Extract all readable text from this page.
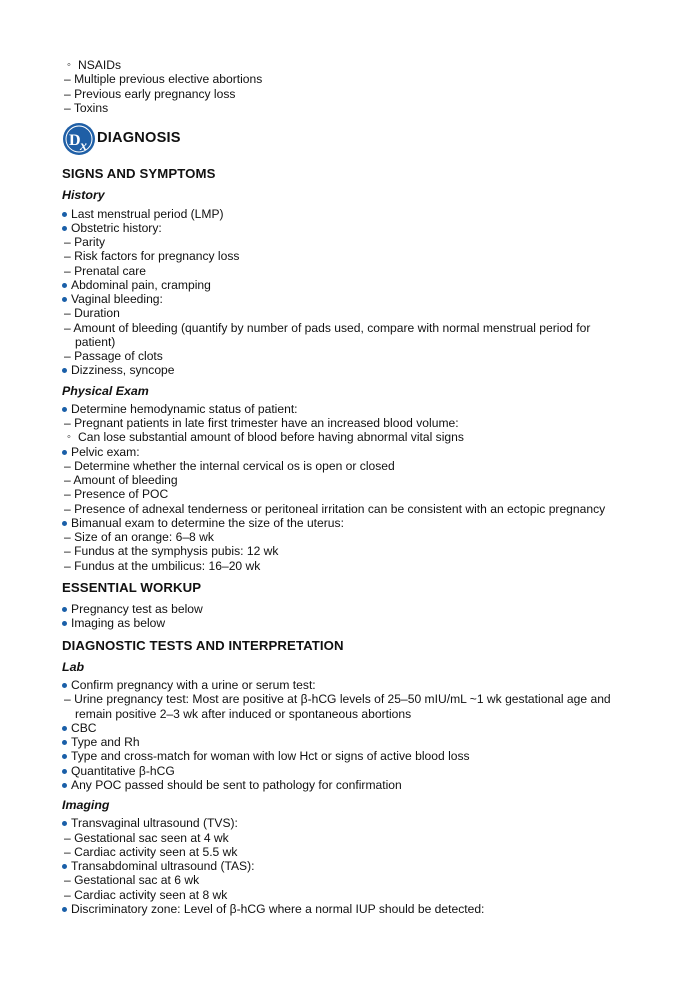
◦ NSAIDs
– Multiple previous elective abortions
– Previous early pregnancy loss
– Toxins
D x
DIAGNOSIS
SIGNS AND SYMPTOMS
History
Last menstrual period (LMP)
Obstetric history:
– Parity
– Risk factors for pregnancy loss
– Prenatal care
Abdominal pain, cramping
Vaginal bleeding:
– Duration
– Amount of bleeding (quantify by number of pads used, compare with normal menstrual period for
patient)
– Passage of clots
Dizziness, syncope
Physical Exam
Determine hemodynamic status of patient:
– Pregnant patients in late first trimester have an increased blood volume:
◦ Can lose substantial amount of blood before having abnormal vital signs
Pelvic exam:
– Determine whether the internal cervical os is open or closed
– Amount of bleeding
– Presence of POC
– Presence of adnexal tenderness or peritoneal irritation can be consistent with an ectopic pregnancy
Bimanual exam to determine the size of the uterus:
– Size of an orange: 6–8 wk
– Fundus at the symphysis pubis: 12 wk
– Fundus at the umbilicus: 16–20 wk
ESSENTIAL WORKUP
Pregnancy test as below
Imaging as below
DIAGNOSTIC TESTS AND INTERPRETATION
Lab
Confirm pregnancy with a urine or serum test:
– Urine pregnancy test: Most are positive at β-hCG levels of 25–50 mIU/mL ~1 wk gestational age and
remain positive 2–3 wk after induced or spontaneous abortions
CBC
Type and Rh
Type and cross-match for woman with low Hct or signs of active blood loss
Quantitative β-hCG
Any POC passed should be sent to pathology for confirmation
Imaging
Transvaginal ultrasound (TVS):
– Gestational sac seen at 4 wk
– Cardiac activity seen at 5.5 wk
Transabdominal ultrasound (TAS):
– Gestational sac at 6 wk
– Cardiac activity seen at 8 wk
Discriminatory zone: Level of β-hCG where a normal IUP should be detected:
